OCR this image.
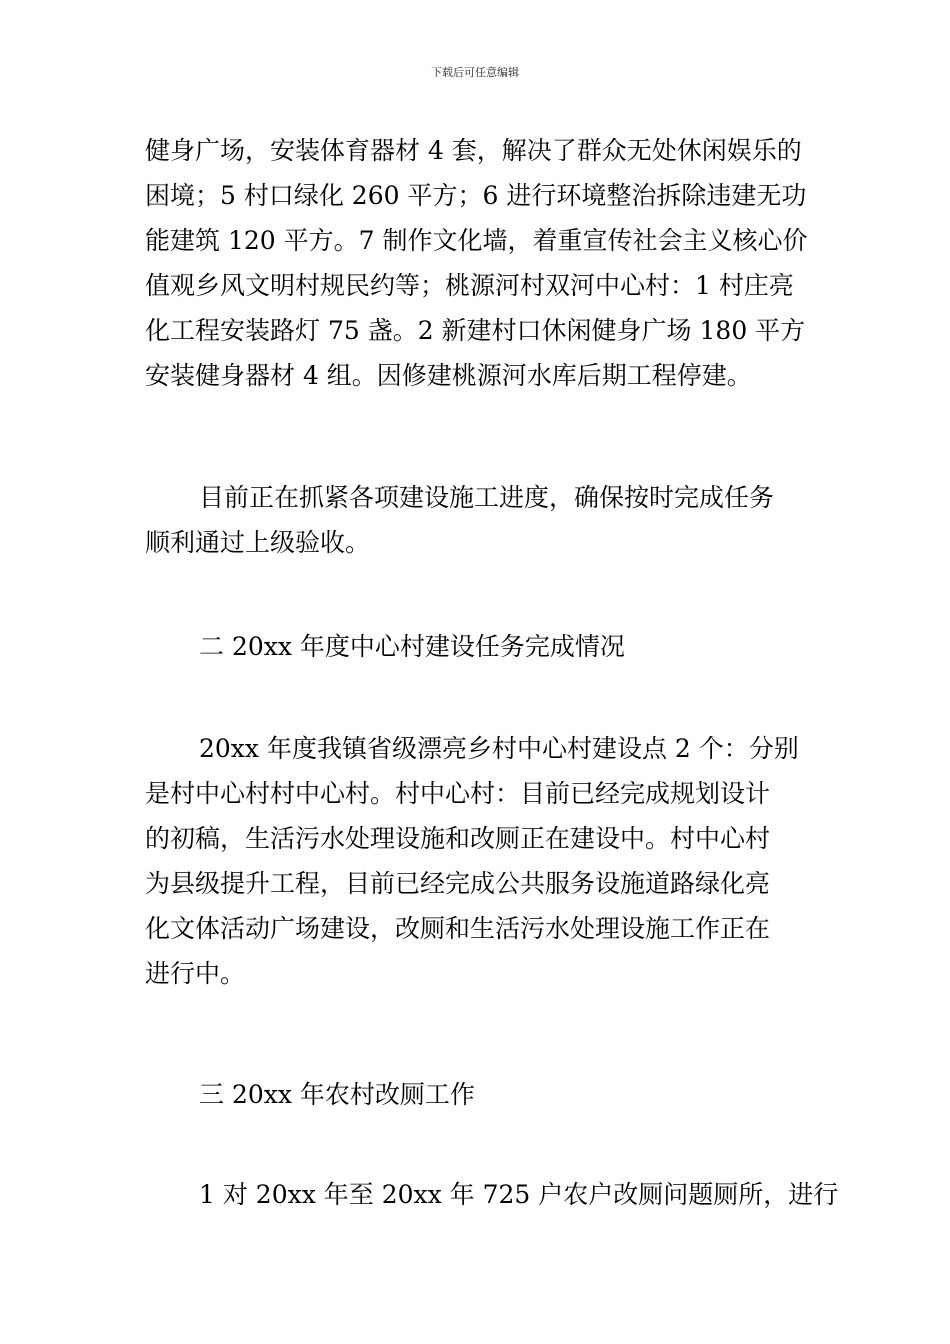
下载后可任意编辑
健身广场，安装体育器材 4 套，解决了群众无处休闲娱乐的
困境；5 村口绿化 260 平方；6 进行环境整治拆除违建无功
能建筑 120 平方。7 制作文化墙，着重宣传社会主义核心价
值观乡风文明村规民约等；桃源河村双河中心村：1 村庄亮
化工程安装路灯 75 盏。2 新建村口休闲健身广场 180 平方
安装健身器材 4 组。因修建桃源河水库后期工程停建。
目前正在抓紧各项建设施工进度，确保按时完成任务
顺利通过上级验收。
二 20xx 年度中心村建设任务完成情况
20xx 年度我镇省级漂亮乡村中心村建设点 2 个：分别
是村中心村村中心村。村中心村：目前已经完成规划设计
的初稿，生活污水处理设施和改厕正在建设中。村中心村
为县级提升工程，目前已经完成公共服务设施道路绿化亮
化文体活动广场建设，改厕和生活污水处理设施工作正在
进行中。
三 20xx 年农村改厕工作
1 对 20xx 年至 20xx 年 725 户农户改厕问题厕所，进行
